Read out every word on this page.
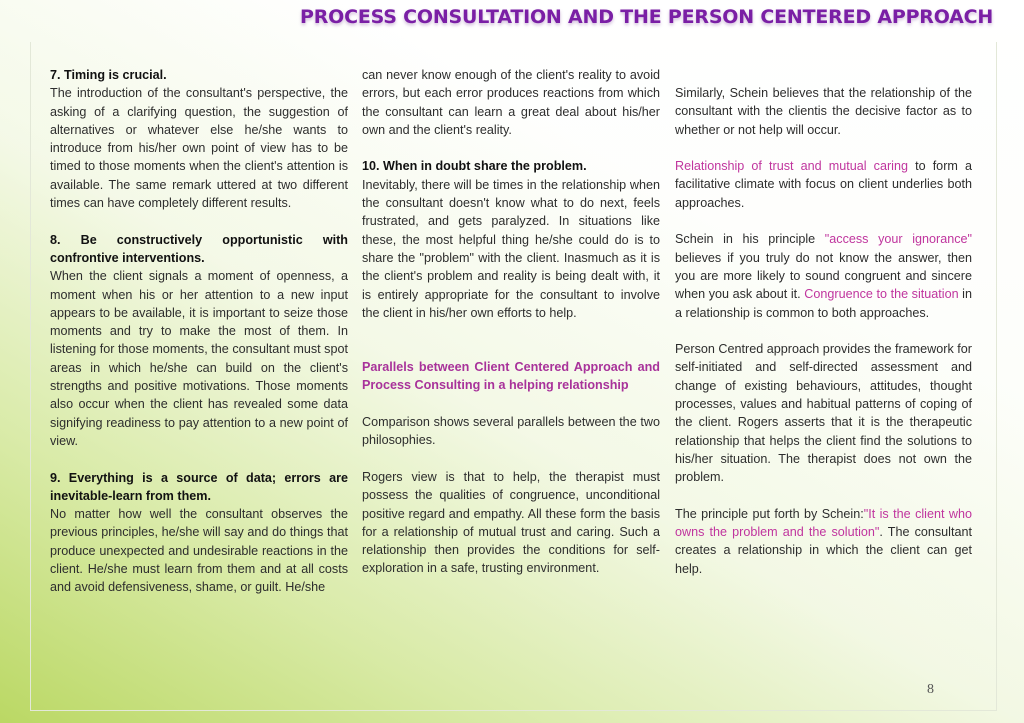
PROCESS CONSULTATION AND THE PERSON CENTERED APPROACH

7. Timing is crucial.
The introduction of the consultant's perspective, the asking of a clarifying question, the suggestion of alternatives or whatever else he/she wants to introduce from his/her own point of view has to be timed to those moments when the client's attention is available. The same remark uttered at two different times can have completely different results.

8. Be constructively opportunistic with confrontive interventions.
When the client signals a moment of openness, a moment when his or her attention to a new input appears to be available, it is important to seize those moments and try to make the most of them. In listening for those moments, the consultant must spot areas in which he/she can build on the client's strengths and positive motivations. Those moments also occur when the client has revealed some data signifying readiness to pay attention to a new point of view.

9. Everything is a source of data; errors are inevitable-learn from them.
No matter how well the consultant observes the previous principles, he/she will say and do things that produce unexpected and undesirable reactions in the client. He/she must learn from them and at all costs and avoid defensiveness, shame, or guilt. He/she

can never know enough of the client's reality to avoid errors, but each error produces reactions from which the consultant can learn a great deal about his/her own and the client's reality.

10. When in doubt share the problem.
Inevitably, there will be times in the relationship when the consultant doesn't know what to do next, feels frustrated, and gets paralyzed. In situations like these, the most helpful thing he/she could do is to share the "problem" with the client. Inasmuch as it is the client's problem and reality is being dealt with, it is entirely appropriate for the consultant to involve the client in his/her own efforts to help.

Parallels between Client Centered Approach and Process Consulting in a helping relationship

Comparison shows several parallels between the two philosophies.

Rogers view is that to help, the therapist must possess the qualities of congruence, unconditional positive regard and empathy. All these form the basis for a relationship of mutual trust and caring. Such a relationship then provides the conditions for self-exploration in a safe, trusting environment.

Similarly, Schein believes that the relationship of the consultant with the clientis the decisive factor as to whether or not help will occur.

Relationship of trust and mutual caring to form a facilitative climate with focus on client underlies both approaches.

Schein in his principle "access your ignorance" believes if you truly do not know the answer, then you are more likely to sound congruent and sincere when you ask about it. Congruence to the situation in a relationship is common to both approaches.

Person Centred approach provides the framework for self-initiated and self-directed assessment and change of existing behaviours, attitudes, thought processes, values and habitual patterns of coping of the client. Rogers asserts that it is the therapeutic relationship that helps the client find the solutions to his/her situation. The therapist does not own the problem.

The principle put forth by Schein:"It is the client who owns the problem and the solution". The consultant creates a relationship in which the client can get help.

8
